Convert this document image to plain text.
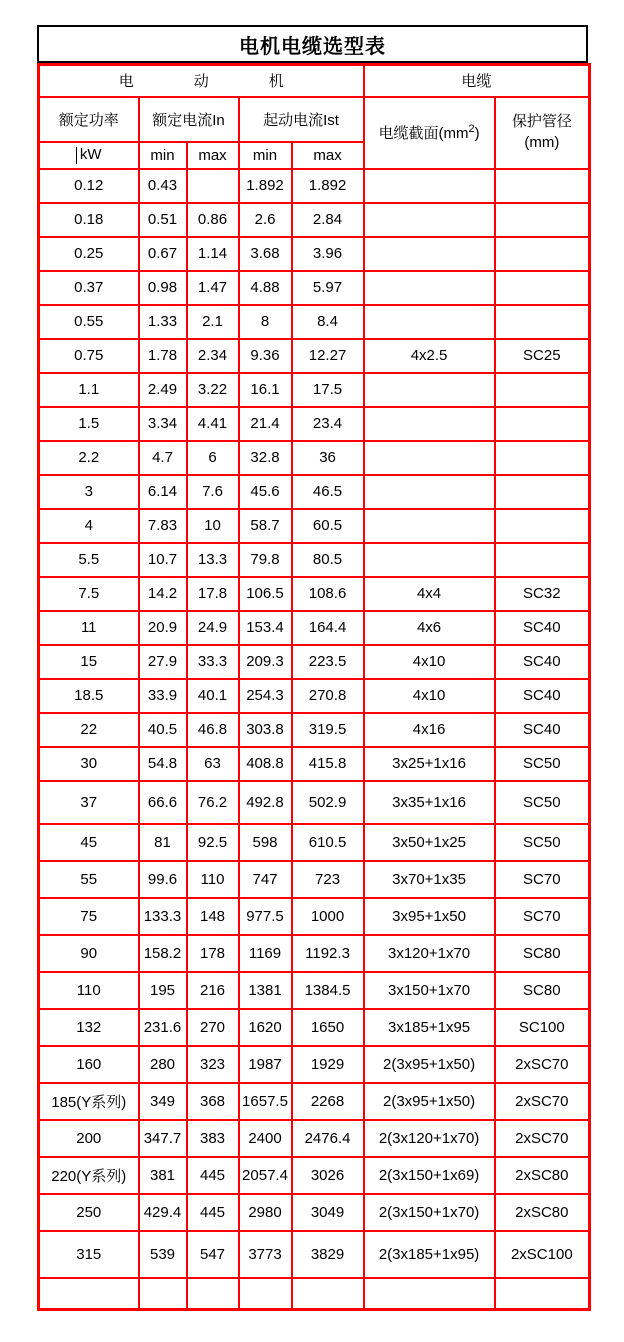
电机电缆选型表
电　　　　动　　　　机					电缆	
额定功率	额定电流In		起动电流Ist		电缆截面$(mm^2)$	保护管径
(mm)

kW	min	max	min	max		
0.12	0.43		1.892	1.892		
0.18	0.51	0.86	2.6	2.84		
0.25	0.67	1.14	3.68	3.96		
0.37	0.98	1.47	4.88	5.97		
0.55	1.33	2.1	8	8.4		
0.75	1.78	2.34	9.36	12.27	4x2.5	SC25
1.1	2.49	3.22	16.1	17.5		
1.5	3.34	4.41	21.4	23.4		
2.2	4.7	6	32.8	36		
3	6.14	7.6	45.6	46.5		
4	7.83	10	58.7	60.5		
5.5	10.7	13.3	79.8	80.5		
7.5	14.2	17.8	106.5	108.6	4x4	SC32
11	20.9	24.9	153.4	164.4	4x6	SC40
15	27.9	33.3	209.3	223.5	4x10	SC40
18.5	33.9	40.1	254.3	270.8	4x10	SC40
22	40.5	46.8	303.8	319.5	4x16	SC40
30	54.8	63	408.8	415.8	3x25+1x16	SC50
37	66.6	76.2	492.8	502.9	3x35+1x16	SC50
45	81	92.5	598	610.5	3x50+1x25	SC50
55	99.6	110	747	723	3x70+1x35	SC70
75	133.3	148	977.5	1000	3x95+1x50	SC70
90	158.2	178	1169	1192.3	3x120+1x70	SC80
110	195	216	1381	1384.5	3x150+1x70	SC80
132	231.6	270	1620	1650	3x185+1x95	SC100
160	280	323	1987	1929	2(3x95+1x50)	2xSC70
185(Y系列)	349	368	1657.5	2268	2(3x95+1x50)	2xSC70
200	347.7	383	2400	2476.4	2(3x120+1x70)	2xSC70
220(Y系列)	381	445	2057.4	3026	2(3x150+1x69)	2xSC80
250	429.4	445	2980	3049	2(3x150+1x70)	2xSC80
315	539	547	3773	3829	2(3x185+1x95)	2xSC100
